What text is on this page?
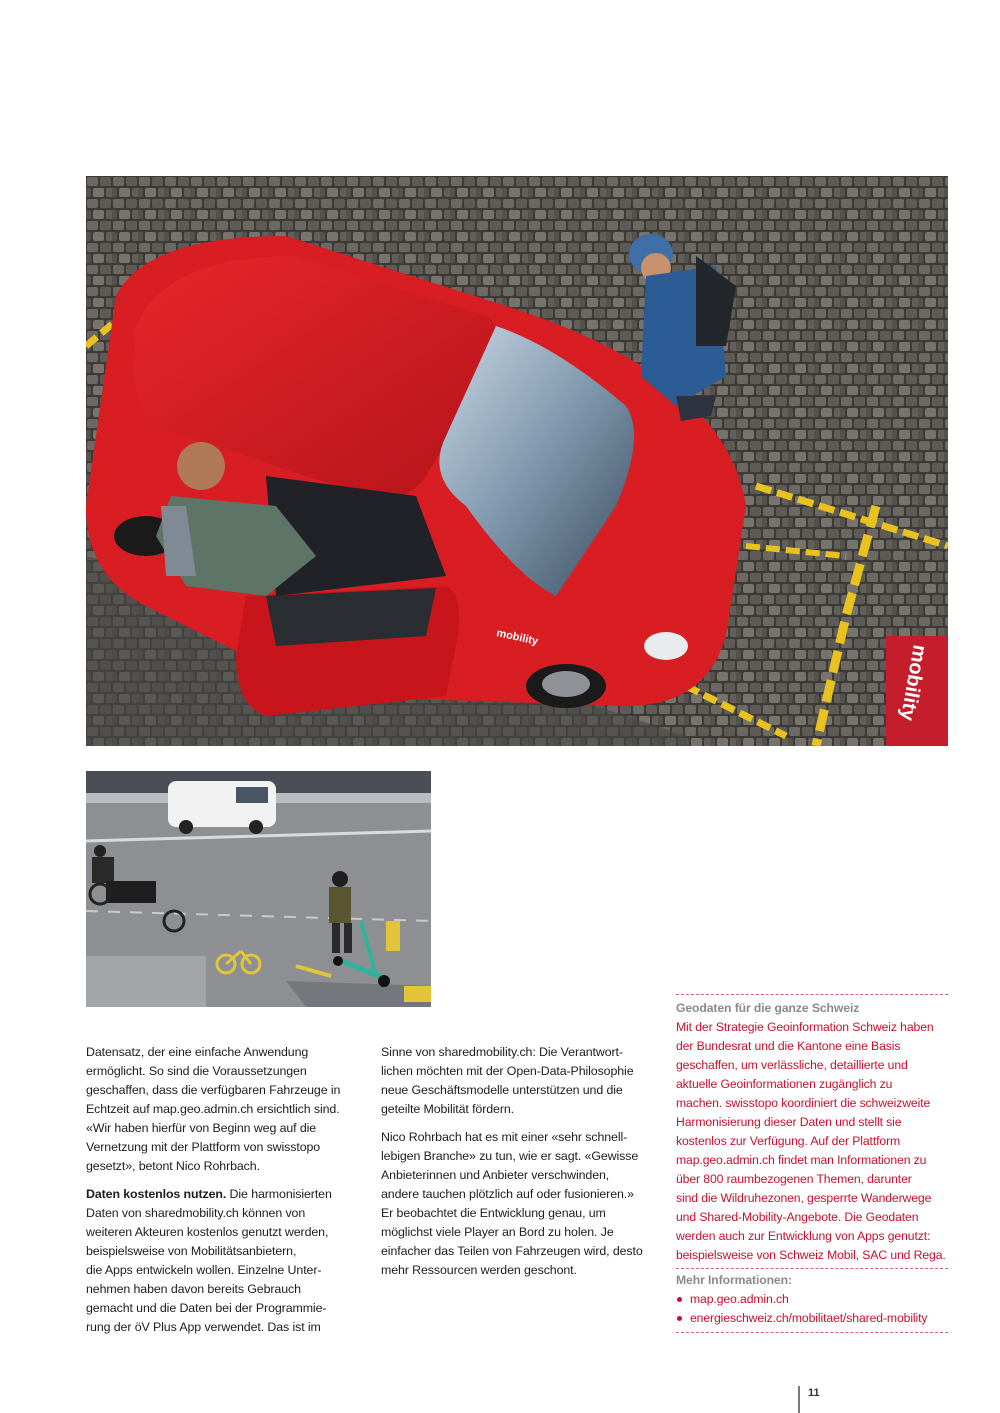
mobility
mobility

Datensatz, der eine einfache Anwendung
ermöglicht. So sind die Voraussetzungen
geschaffen, dass die verfügbaren Fahrzeuge in
Echtzeit auf map.geo.admin.ch ersichtlich sind.
«Wir haben hierfür von Beginn weg auf die
Vernetzung mit der Plattform von swisstopo
gesetzt», betont Nico Rohrbach.

Daten kostenlos nutzen. Die harmonisierten
Daten von sharedmobility.ch können von
weiteren Akteuren kostenlos genutzt werden,
beispielsweise von Mobilitätsanbietern,
die Apps entwickeln wollen. Einzelne Unter-
nehmen haben davon bereits Gebrauch
gemacht und die Daten bei der Programmie-
rung der öV Plus App verwendet. Das ist im

Sinne von sharedmobility.ch: Die Verantwort-
lichen möchten mit der Open-Data-Philosophie
neue Geschäftsmodelle unterstützen und die
geteilte Mobilität fördern.

Nico Rohrbach hat es mit einer «sehr schnell-
lebigen Branche» zu tun, wie er sagt. «Gewisse
Anbieterinnen und Anbieter verschwinden,
andere tauchen plötzlich auf oder fusionieren.»
Er beobachtet die Entwicklung genau, um
möglichst viele Player an Bord zu holen. Je
einfacher das Teilen von Fahrzeugen wird, desto
mehr Ressourcen werden geschont.

Geodaten für die ganze Schweiz
Mit der Strategie Geoinformation Schweiz haben
der Bundesrat und die Kantone eine Basis
geschaffen, um verlässliche, detaillierte und
aktuelle Geoinformationen zugänglich zu
machen. swisstopo koordiniert die schweizweite
Harmonisierung dieser Daten und stellt sie
kostenlos zur Verfügung. Auf der Plattform
map.geo.admin.ch findet man Informationen zu
über 800 raumbezogenen Themen, darunter
sind die Wildruhezonen, gesperrte Wanderwege
und Shared-Mobility-Angebote. Die Geodaten
werden auch zur Entwicklung von Apps genutzt:
beispielsweise von Schweiz Mobil, SAC und Rega.
Mehr Informationen:
map.geo.admin.ch
energieschweiz.ch/mobilitaet/shared-mobility
11
